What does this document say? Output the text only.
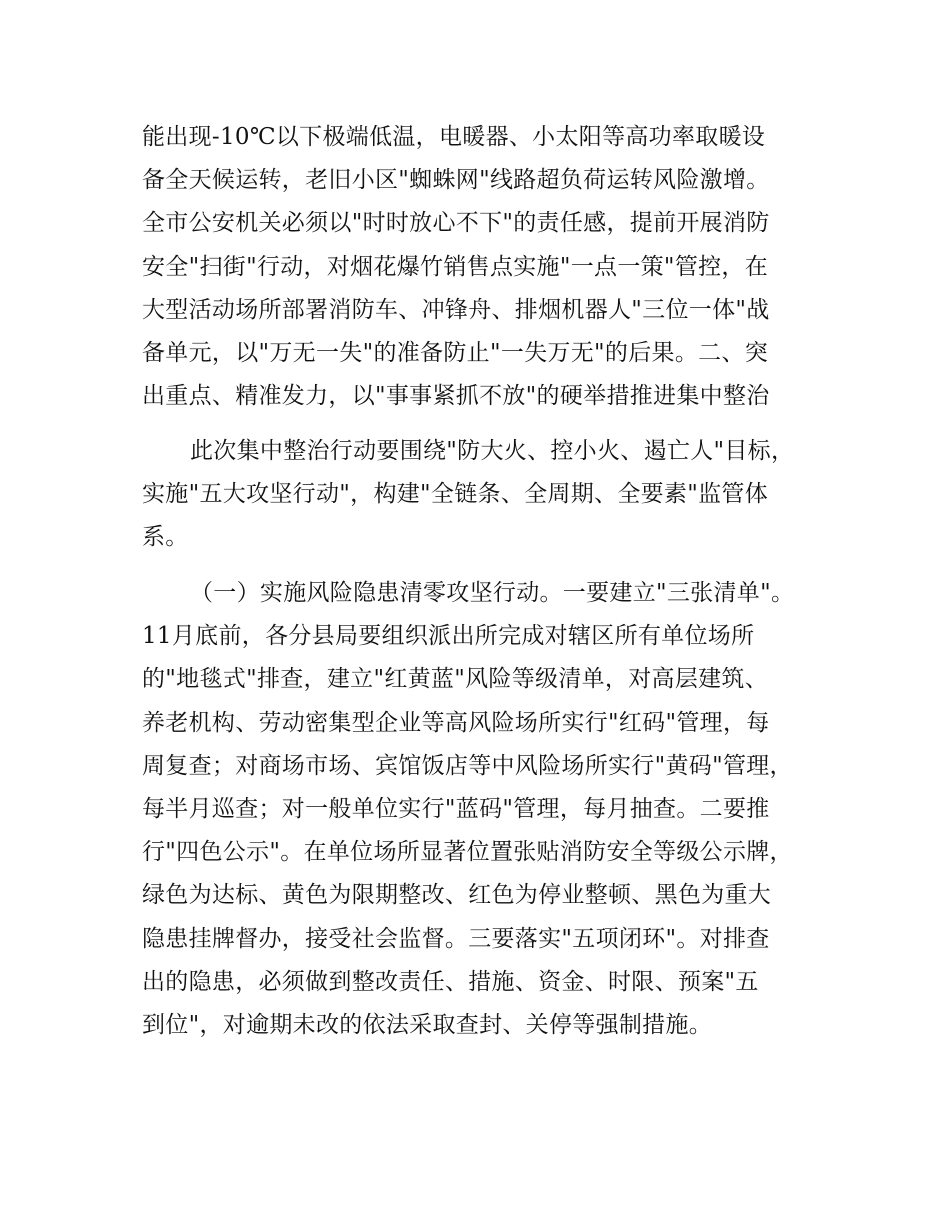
能出现-10℃以下极端低温，电暖器、小太阳等高功率取暖设
备全天候运转，老旧小区"蜘蛛网"线路超负荷运转风险激增。
全市公安机关必须以"时时放心不下"的责任感，提前开展消防
安全"扫街"行动，对烟花爆竹销售点实施"一点一策"管控，在
大型活动场所部署消防车、冲锋舟、排烟机器人"三位一体"战
备单元，以"万无一失"的准备防止"一失万无"的后果。二、突
出重点、精准发力，以"事事紧抓不放"的硬举措推进集中整治
此次集中整治行动要围绕"防大火、控小火、遏亡人"目标，
实施"五大攻坚行动"，构建"全链条、全周期、全要素"监管体
系。
（一）实施风险隐患清零攻坚行动。一要建立"三张清单"。
11月底前，各分县局要组织派出所完成对辖区所有单位场所
的"地毯式"排查，建立"红黄蓝"风险等级清单，对高层建筑、
养老机构、劳动密集型企业等高风险场所实行"红码"管理，每
周复查；对商场市场、宾馆饭店等中风险场所实行"黄码"管理，
每半月巡查；对一般单位实行"蓝码"管理，每月抽查。二要推
行"四色公示"。在单位场所显著位置张贴消防安全等级公示牌，
绿色为达标、黄色为限期整改、红色为停业整顿、黑色为重大
隐患挂牌督办，接受社会监督。三要落实"五项闭环"。对排查
出的隐患，必须做到整改责任、措施、资金、时限、预案"五
到位"，对逾期未改的依法采取查封、关停等强制措施。
